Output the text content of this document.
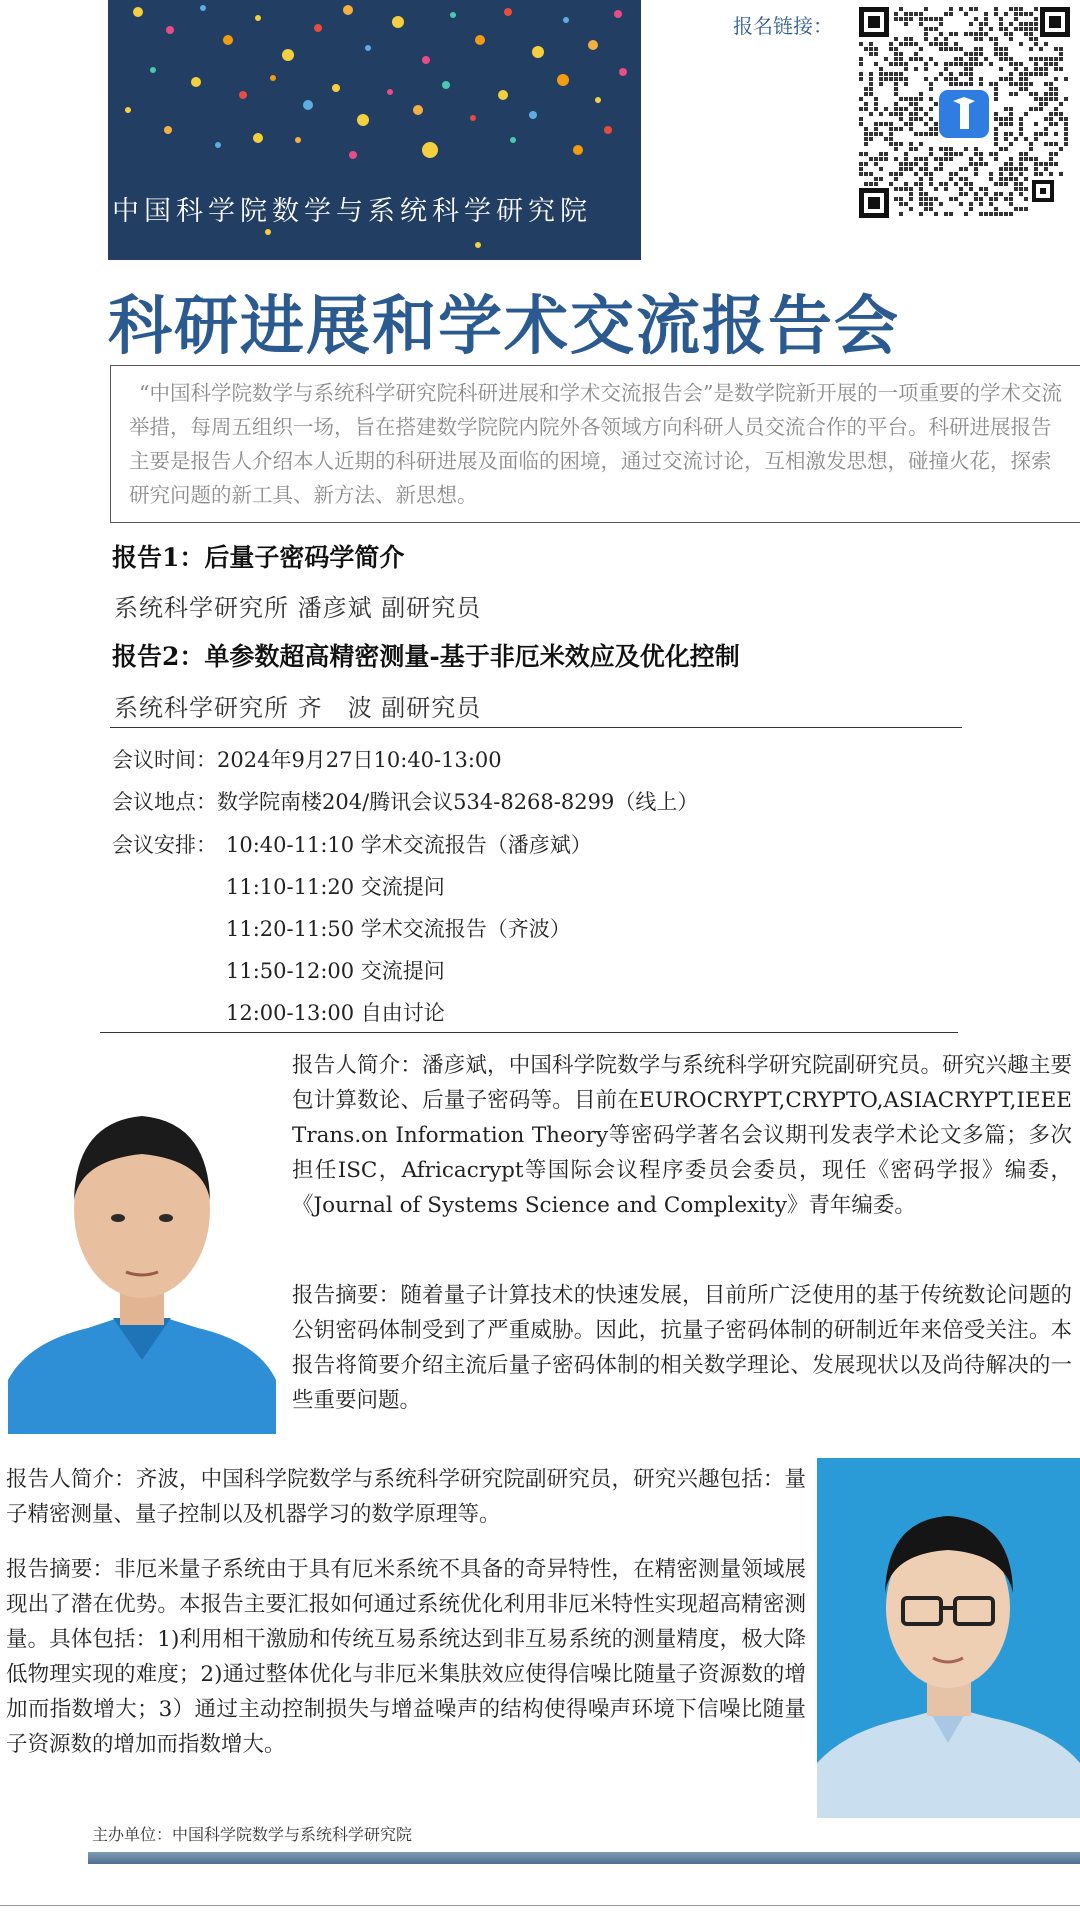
中国科学院数学与系统科学研究院
报名链接：
科研进展和学术交流报告会
“中国科学院数学与系统科学研究院科研进展和学术交流报告会”是数学院新开展的一项重要的学术交流举措，每周五组织一场，旨在搭建数学院院内院外各领域方向科研人员交流合作的平台。科研进展报告主要是报告人介绍本人近期的科研进展及面临的困境，通过交流讨论，互相激发思想，碰撞火花，探索研究问题的新工具、新方法、新思想。
报告1：后量子密码学简介
系统科学研究所 潘彦斌 副研究员
报告2：单参数超高精密测量-基于非厄米效应及优化控制
系统科学研究所 齐　波 副研究员
会议时间：2024年9月27日10:40-13:00
会议地点：数学院南楼204/腾讯会议534-8268-8299（线上）
会议安排： 10:40-11:10 学术交流报告（潘彦斌）
11:10-11:20 交流提问
11:20-11:50 学术交流报告（齐波）
11:50-12:00 交流提问
12:00-13:00 自由讨论
报告人简介：潘彦斌，中国科学院数学与系统科学研究院副研究员。研究兴趣主要包计算数论、后量子密码等。目前在EUROCRYPT,CRYPTO,ASIACRYPT,IEEE Trans.on Information Theory等密码学著名会议期刊发表学术论文多篇；多次担任ISC，Africacrypt等国际会议程序委员会委员，现任《密码学报》编委，《Journal of Systems Science and Complexity》青年编委。
报告摘要：随着量子计算技术的快速发展，目前所广泛使用的基于传统数论问题的公钥密码体制受到了严重威胁。因此，抗量子密码体制的研制近年来倍受关注。本报告将简要介绍主流后量子密码体制的相关数学理论、发展现状以及尚待解决的一些重要问题。
报告人简介：齐波，中国科学院数学与系统科学研究院副研究员，研究兴趣包括：量子精密测量、量子控制以及机器学习的数学原理等。
报告摘要：非厄米量子系统由于具有厄米系统不具备的奇异特性，在精密测量领域展现出了潜在优势。本报告主要汇报如何通过系统优化利用非厄米特性实现超高精密测量。具体包括：1)利用相干激励和传统互易系统达到非互易系统的测量精度，极大降低物理实现的难度；2)通过整体优化与非厄米集肤效应使得信噪比随量子资源数的增加而指数增大；3）通过主动控制损失与增益噪声的结构使得噪声环境下信噪比随量子资源数的增加而指数增大。
主办单位：中国科学院数学与系统科学研究院
